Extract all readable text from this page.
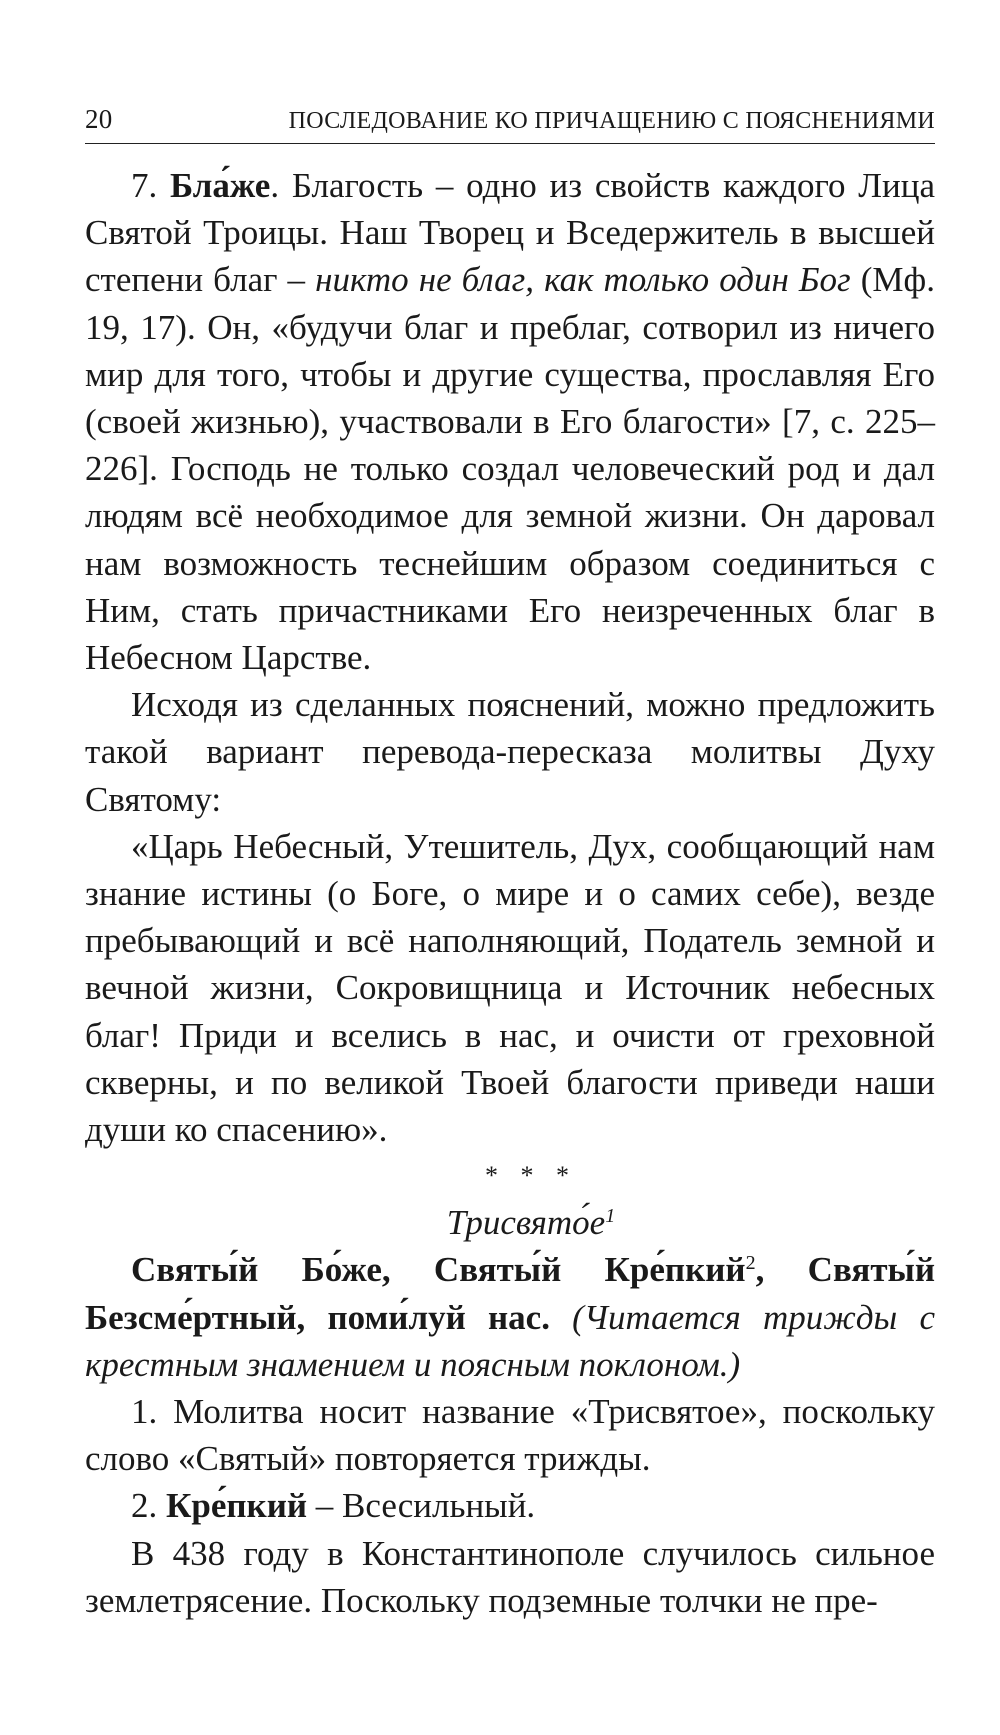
20	ПОСЛЕДОВАНИЕ КО ПРИЧАЩЕНИЮ С ПОЯСНЕНИЯМИ

7. Бла́же. Благость – одно из свойств каждого Лица Святой Троицы. Наш Творец и Вседержитель в высшей степени благ – никто не благ, как только один Бог (Мф. 19, 17). Он, «будучи благ и преблаг, сотворил из ничего мир для того, чтобы и другие существа, прославляя Его (своей жизнью), участвовали в Его благости» [7, с. 225–226]. Господь не только создал человеческий род и дал людям всё необходимое для земной жизни. Он даровал нам возможность теснейшим образом соединиться с Ним, стать причастниками Его неизреченных благ в Небесном Царстве.

Исходя из сделанных пояснений, можно предложить такой вариант перевода-пересказа молитвы Духу Святому:

«Царь Небесный, Утешитель, Дух, сообщающий нам знание истины (о Боге, о мире и о самих себе), везде пребывающий и всё наполняющий, Податель земной и вечной жизни, Сокровищница и Источник небесных благ! Приди и вселись в нас, и очисти от греховной скверны, и по великой Твоей благости приведи наши души ко спасению».

* * *
$Трисвято́е^1$

Святы́й Бо́же, Святы́й Кре́пкий$^2$, Святы́й Безсме́ртный, поми́луй нас. (Читается трижды с крестным знамением и поясным поклоном.)

1. Молитва носит название «Трисвятое», поскольку слово «Святый» повторяется трижды.

2. Кре́пкий – Всесильный.

В 438 году в Константинополе случилось сильное землетрясение. Поскольку подземные толчки не пре-
